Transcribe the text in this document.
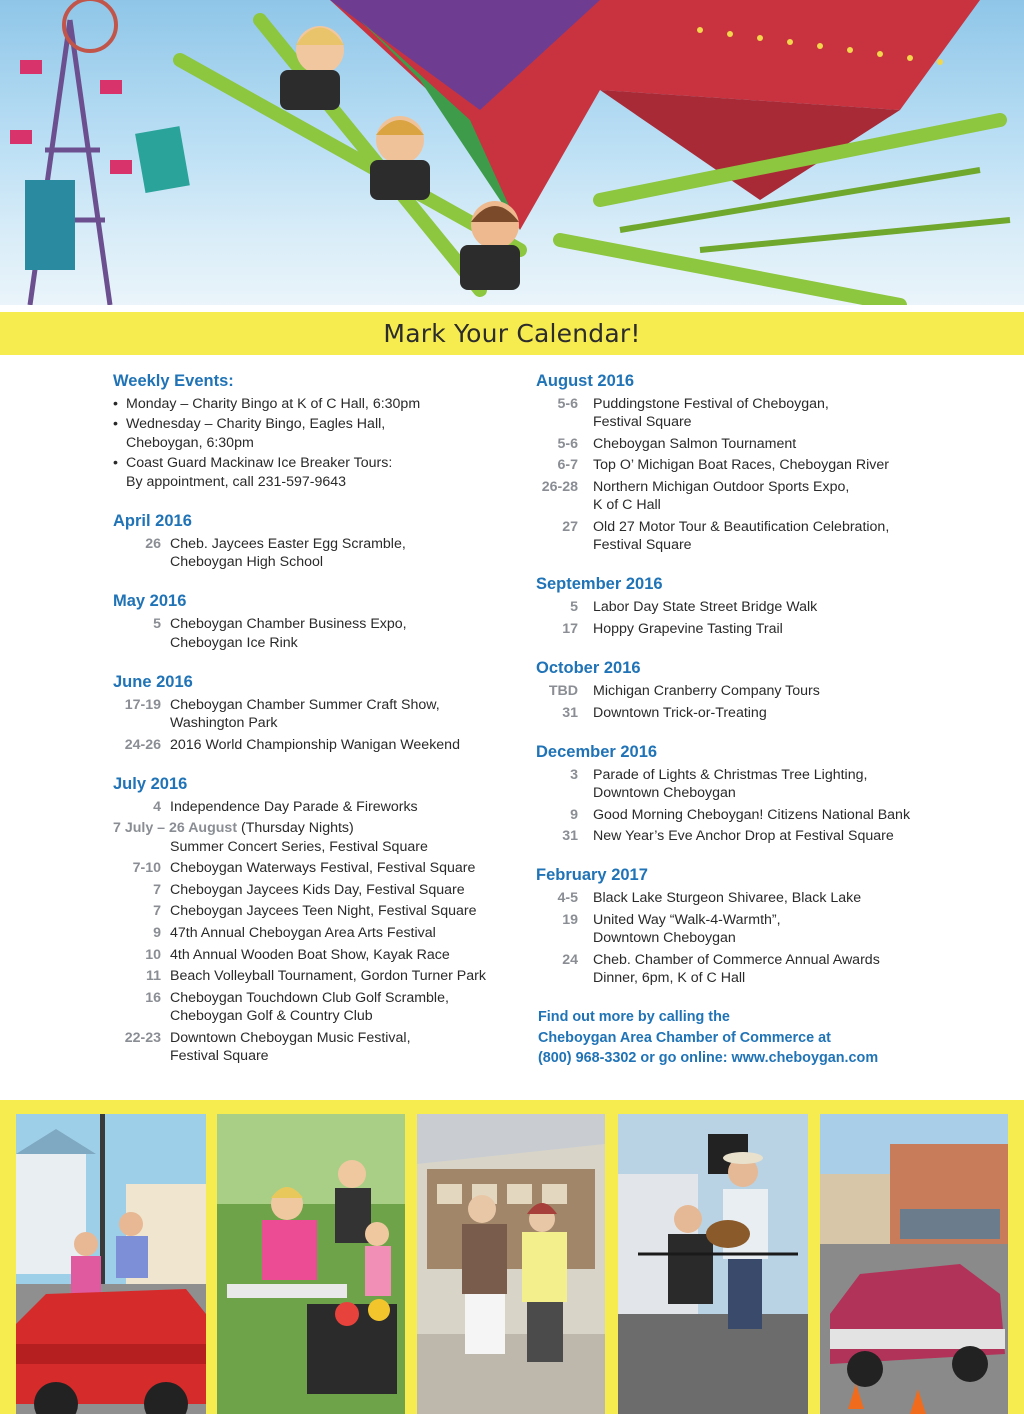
Mark Your Calendar!
Weekly Events:
• Monday – Charity Bingo at K of C Hall, 6:30pm
• Wednesday – Charity Bingo, Eagles Hall,
Cheboygan, 6:30pm
• Coast Guard Mackinaw Ice Breaker Tours:
By appointment, call 231-597-9643
April 2016
26 Cheb. Jaycees Easter Egg Scramble,
Cheboygan High School
May 2016
5 Cheboygan Chamber Business Expo,
Cheboygan Ice Rink
June 2016
17-19 Cheboygan Chamber Summer Craft Show,
Washington Park
24-26 2016 World Championship Wanigan Weekend
July 2016
4 Independence Day Parade & Fireworks
7 July – 26 August (Thursday Nights)
Summer Concert Series, Festival Square
7-10 Cheboygan Waterways Festival, Festival Square
7 Cheboygan Jaycees Kids Day, Festival Square
7 Cheboygan Jaycees Teen Night, Festival Square
9 47th Annual Cheboygan Area Arts Festival
10 4th Annual Wooden Boat Show, Kayak Race
11 Beach Volleyball Tournament, Gordon Turner Park
16 Cheboygan Touchdown Club Golf Scramble,
Cheboygan Golf & Country Club
22-23 Downtown Cheboygan Music Festival,
Festival Square
August 2016
5-6 Puddingstone Festival of Cheboygan,
Festival Square
5-6 Cheboygan Salmon Tournament
6-7 Top O’ Michigan Boat Races, Cheboygan River
26-28 Northern Michigan Outdoor Sports Expo,
K of C Hall
27 Old 27 Motor Tour & Beautification Celebration,
Festival Square
September 2016
5 Labor Day State Street Bridge Walk
17 Hoppy Grapevine Tasting Trail
October 2016
TBD Michigan Cranberry Company Tours
31 Downtown Trick-or-Treating
December 2016
3 Parade of Lights & Christmas Tree Lighting,
Downtown Cheboygan
9 Good Morning Cheboygan! Citizens National Bank
31 New Year’s Eve Anchor Drop at Festival Square
February 2017
4-5 Black Lake Sturgeon Shivaree, Black Lake
19 United Way “Walk-4-Warmth”,
Downtown Cheboygan
24 Cheb. Chamber of Commerce Annual Awards
Dinner, 6pm, K of C Hall
Find out more by calling the
Cheboygan Area Chamber of Commerce at
(800) 968-3302 or go online: www.cheboygan.com
